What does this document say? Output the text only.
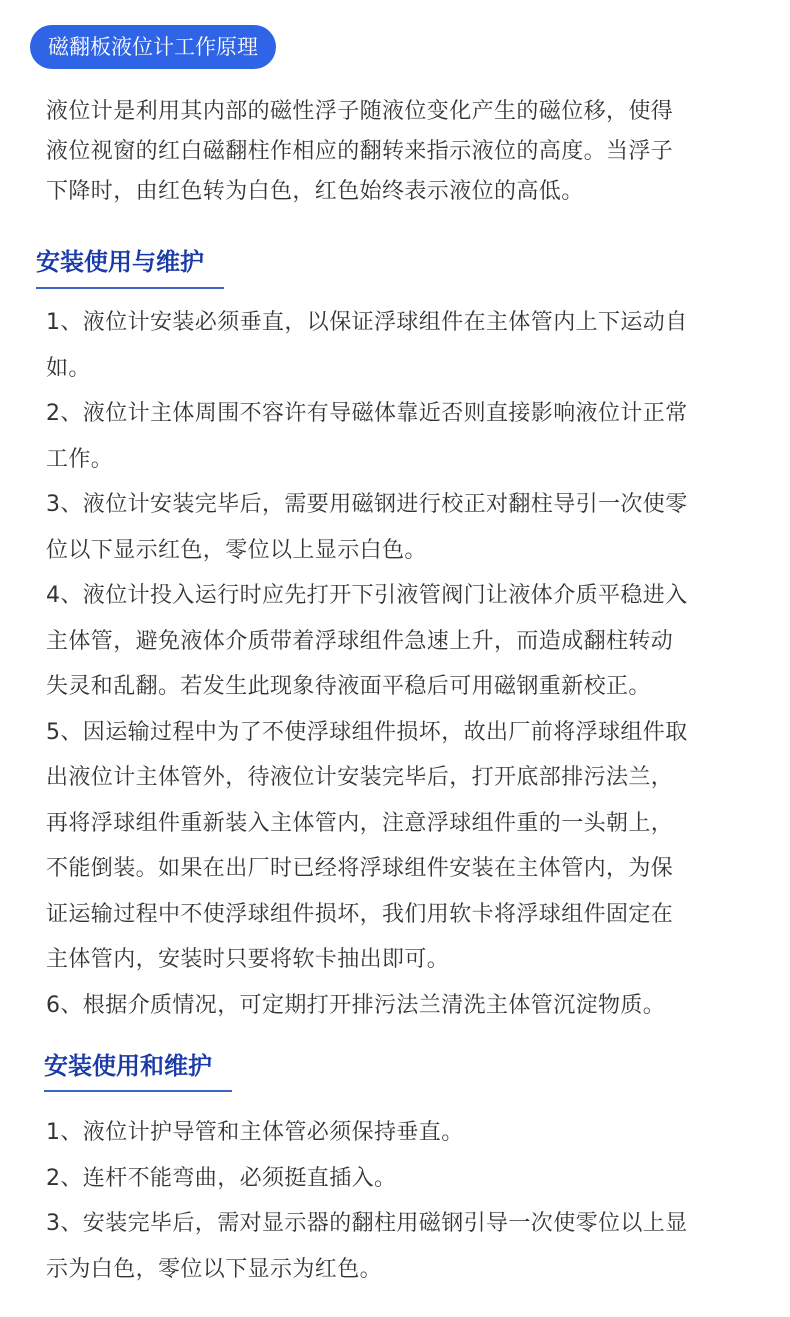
磁翻板液位计工作原理
液位计是利用其内部的磁性浮子随液位变化产生的磁位移，使得
液位视窗的红白磁翻柱作相应的翻转来指示液位的高度。当浮子
下降时，由红色转为白色，红色始终表示液位的高低。
安装使用与维护
1、液位计安装必须垂直，以保证浮球组件在主体管内上下运动自
如。
2、液位计主体周围不容许有导磁体靠近否则直接影响液位计正常
工作。
3、液位计安装完毕后，需要用磁钢进行校正对翻柱导引一次使零
位以下显示红色，零位以上显示白色。
4、液位计投入运行时应先打开下引液管阀门让液体介质平稳进入
主体管，避免液体介质带着浮球组件急速上升，而造成翻柱转动
失灵和乱翻。若发生此现象待液面平稳后可用磁钢重新校正。
5、因运输过程中为了不使浮球组件损坏，故出厂前将浮球组件取
出液位计主体管外，待液位计安装完毕后，打开底部排污法兰，
再将浮球组件重新装入主体管内，注意浮球组件重的一头朝上，
不能倒装。如果在出厂时已经将浮球组件安装在主体管内，为保
证运输过程中不使浮球组件损坏，我们用软卡将浮球组件固定在
主体管内，安装时只要将软卡抽出即可。
6、根据介质情况，可定期打开排污法兰清洗主体管沉淀物质。
安装使用和维护
1、液位计护导管和主体管必须保持垂直。
2、连杆不能弯曲，必须挺直插入。
3、安装完毕后，需对显示器的翻柱用磁钢引导一次使零位以上显
示为白色，零位以下显示为红色。
